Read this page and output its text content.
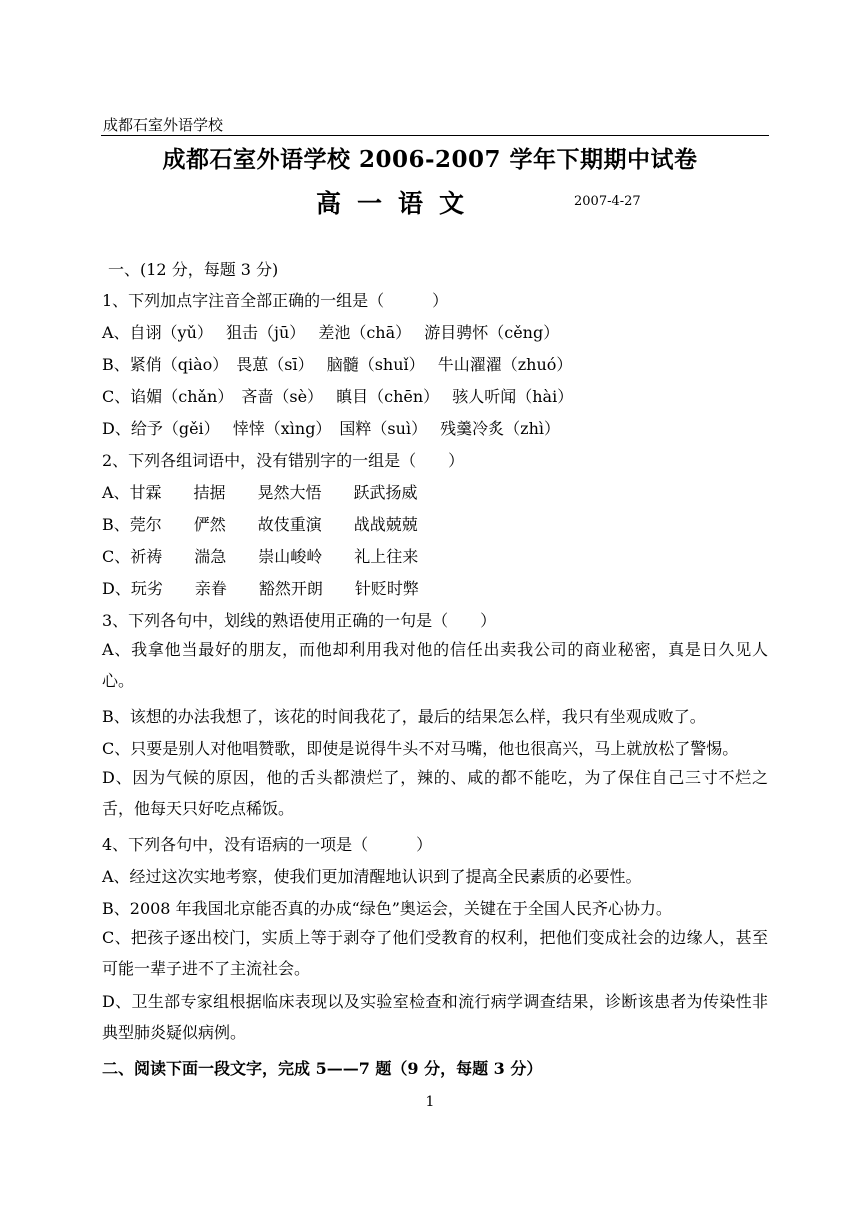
成都石室外语学校
成都石室外语学校 2006-2007 学年下期期中试卷
高一语文	2007-4-27
一、(12 分，每题 3 分)
1、下列加点字注音全部正确的一组是（　　　）
A、自诩（yǔ）　 狙击（jū）　 差池（chā）　 游目骋怀（cěng）
B、紧俏（qiào）　畏葸（sī）　 脑髓（shuǐ）　 牛山濯濯（zhuó）
C、谄媚（chǎn）　吝啬（sè）　 瞋目（chēn）　 骇人听闻（hài）
D、给予（gěi）　 悻悻（xìng）　国粹（suì）　 残羹冷炙（zhì）
2、下列各组词语中，没有错别字的一组是（　　）
A、甘霖　　拮据　　晃然大悟　　跃武扬威
B、莞尔　　俨然　　故伎重演　　战战兢兢
C、祈祷　　湍急　　崇山峻岭　　礼上往来
D、玩劣　　亲眷　　豁然开朗　　针贬时弊
3、下列各句中，划线的熟语使用正确的一句是（　　）
A、我拿他当最好的朋友，而他却利用我对他的信任出卖我公司的商业秘密，真是日久见人心。
B、该想的办法我想了，该花的时间我花了，最后的结果怎么样，我只有坐观成败了。
C、只要是别人对他唱赞歌，即使是说得牛头不对马嘴，他也很高兴，马上就放松了警惕。
D、因为气候的原因，他的舌头都溃烂了，辣的、咸的都不能吃，为了保住自己三寸不烂之舌，他每天只好吃点稀饭。
4、下列各句中，没有语病的一项是（　　　）
A、经过这次实地考察，使我们更加清醒地认识到了提高全民素质的必要性。
B、2008 年我国北京能否真的办成“绿色”奥运会，关键在于全国人民齐心协力。
C、把孩子逐出校门，实质上等于剥夺了他们受教育的权利，把他们变成社会的边缘人，甚至可能一辈子进不了主流社会。
D、卫生部专家组根据临床表现以及实验室检查和流行病学调查结果，诊断该患者为传染性非典型肺炎疑似病例。
二、阅读下面一段文字，完成 5——7 题（9 分，每题 3 分）
1
